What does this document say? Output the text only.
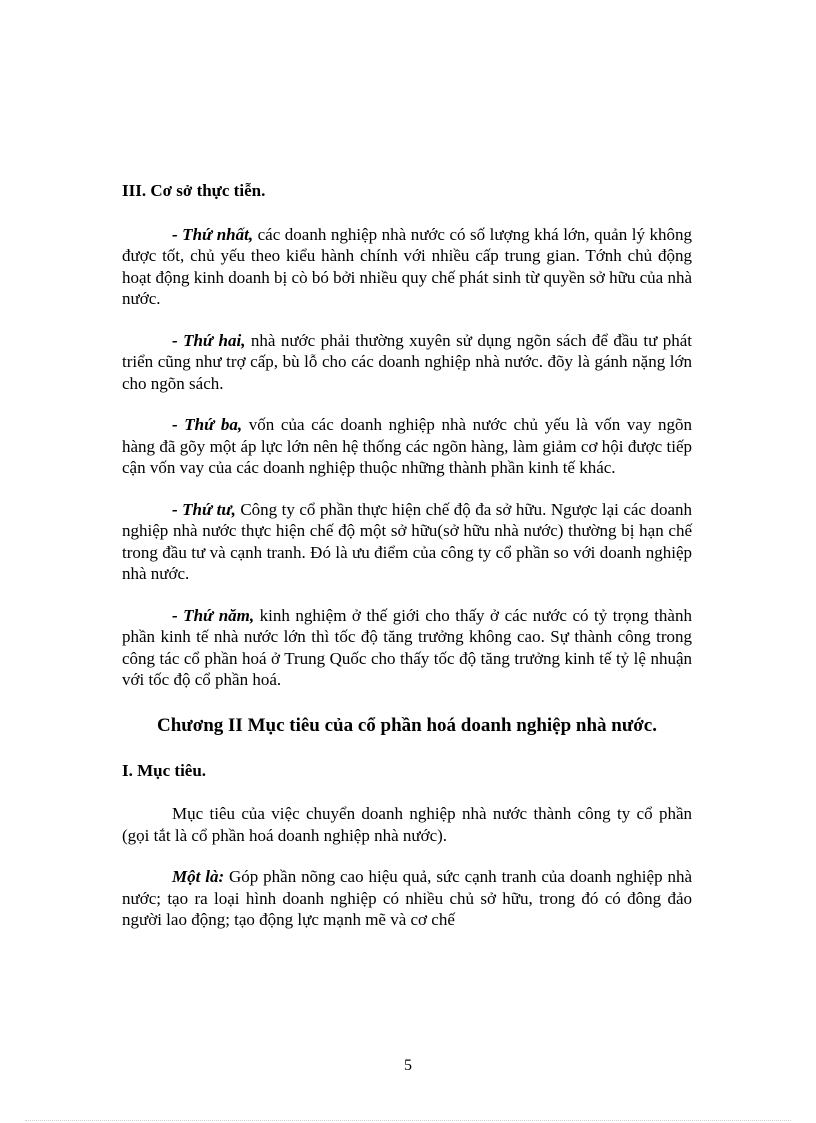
III. Cơ sở thực tiễn.

- Thứ nhất, các doanh nghiệp nhà nước có số lượng khá lớn, quản lý không được tốt, chủ yếu theo kiểu hành chính với nhiều cấp trung gian. Tớnh chủ động hoạt động kinh doanh bị cò bó bởi nhiều quy chế phát sinh từ quyền sở hữu của nhà nước.

- Thứ hai, nhà nước phải thường xuyên sử dụng ngõn sách để đầu tư phát triển cũng như trợ cấp, bù lỗ cho các doanh nghiệp nhà nước. đõy là gánh nặng lớn cho ngõn sách.

- Thứ ba, vốn của các doanh nghiệp nhà nước chủ yếu là vốn vay ngõn hàng đã gõy một áp lực lớn nên hệ thống các ngõn hàng, làm giảm cơ hội được tiếp cận vốn vay của các doanh nghiệp thuộc những thành phần kinh tế khác.

- Thứ tư, Công ty cổ phần thực hiện chế độ đa sở hữu. Ngược lại các doanh nghiệp nhà nước thực hiện chế độ một sở hữu(sở hữu nhà nước) thường bị hạn chế trong đầu tư và cạnh tranh. Đó là ưu điểm của công ty cổ phần so với doanh nghiệp nhà nước.

- Thứ năm, kinh nghiệm ở thế giới cho thấy ở các nước có tỷ trọng thành phần kinh tế nhà nước lớn thì tốc độ tăng trưởng không cao. Sự thành công trong công tác cổ phần hoá ở Trung Quốc cho thấy tốc độ tăng trưởng kinh tế tỷ lệ nhuận với tốc độ cổ phần hoá.

Chương II Mục tiêu của cổ phần hoá doanh nghiệp nhà nước.

I. Mục tiêu.

Mục tiêu của việc chuyển doanh nghiệp nhà nước thành công ty cổ phần (gọi tắt là cổ phần hoá doanh nghiệp nhà nước).

Một là: Góp phần nõng cao hiệu quả, sức cạnh tranh của doanh nghiệp nhà nước; tạo ra loại hình doanh nghiệp có nhiều chủ sở hữu, trong đó có đông đảo người lao động; tạo động lực mạnh mẽ và cơ chế

5
